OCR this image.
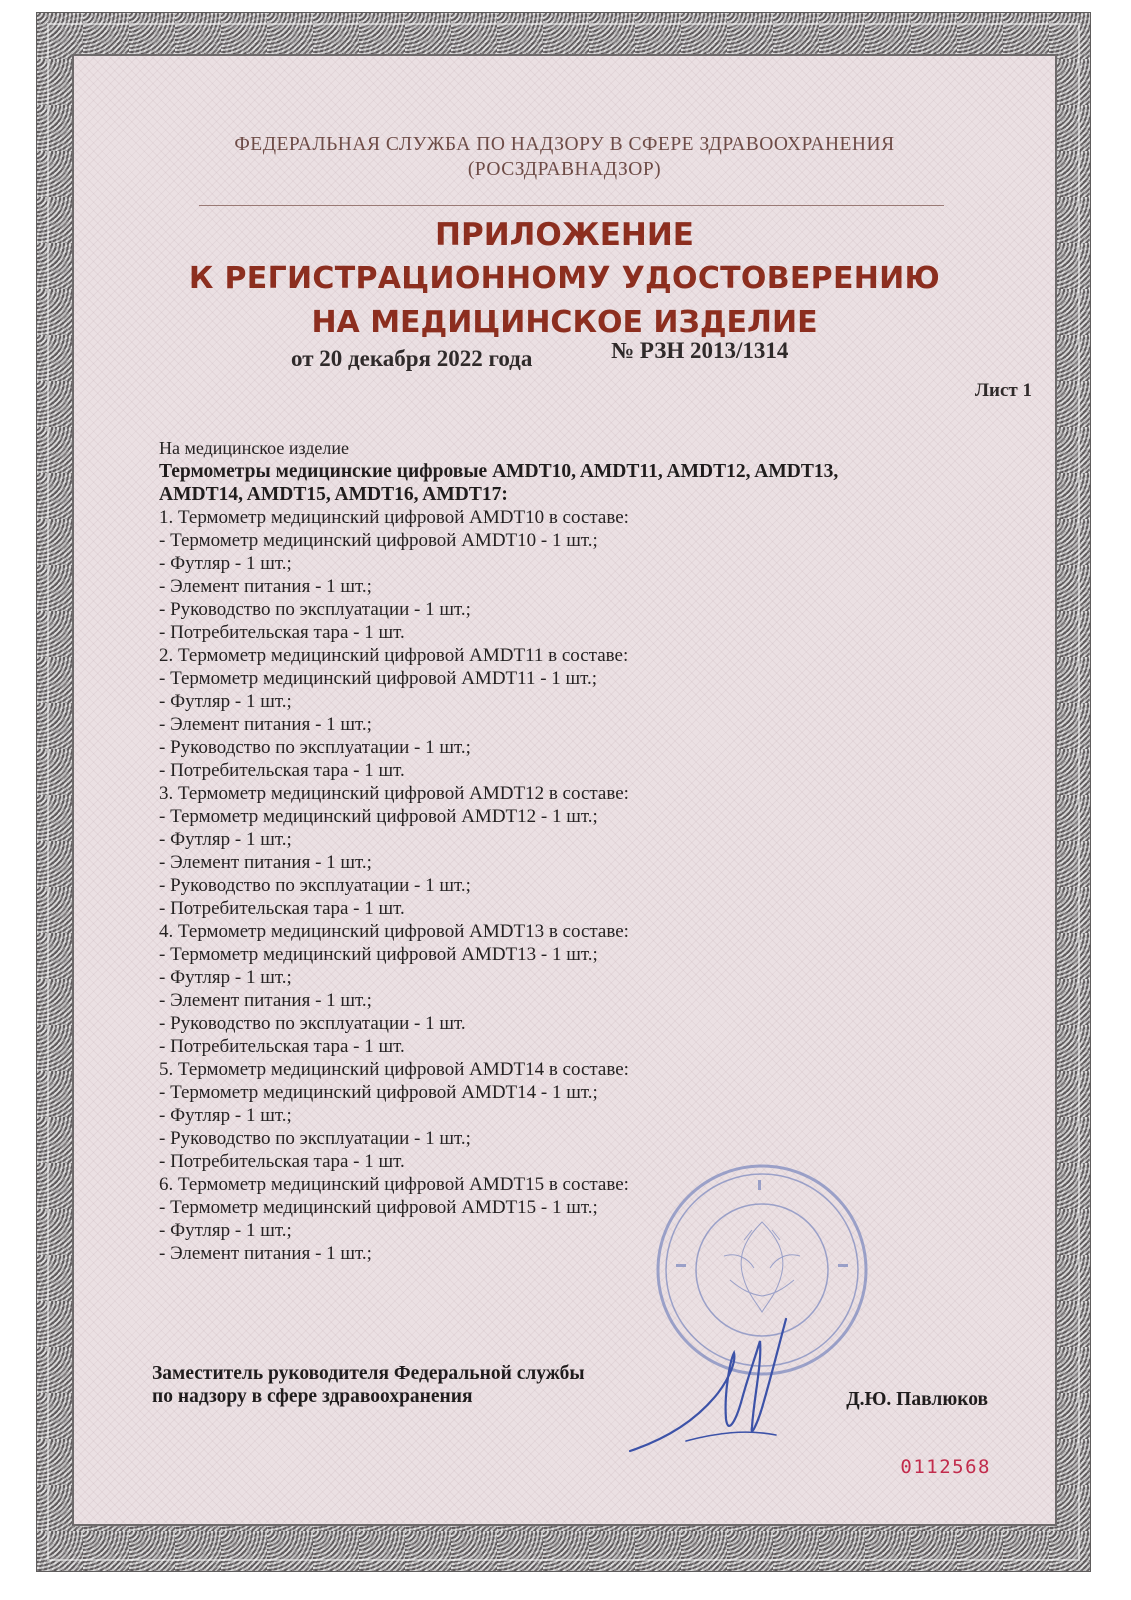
ФЕДЕРАЛЬНАЯ СЛУЖБА ПО НАДЗОРУ В СФЕРЕ ЗДРАВООХРАНЕНИЯ
(РОСЗДРАВНАДЗОР)
ПРИЛОЖЕНИЕ
К РЕГИСТРАЦИОННОМУ УДОСТОВЕРЕНИЮ
НА МЕДИЦИНСКОЕ ИЗДЕЛИЕ
от 20 декабря 2022 года	№ РЗН 2013/1314
Лист 1
На медицинское изделие
Термометры медицинские цифровые AMDT10, AMDT11, AMDT12, AMDT13,
AMDT14, AMDT15, AMDT16, AMDT17:
1. Термометр медицинский цифровой AMDT10 в составе:
- Термометр медицинский цифровой AMDT10 - 1 шт.;
- Футляр - 1 шт.;
- Элемент питания - 1 шт.;
- Руководство по эксплуатации - 1 шт.;
- Потребительская тара - 1 шт.
2. Термометр медицинский цифровой AMDT11 в составе:
- Термометр медицинский цифровой AMDT11 - 1 шт.;
- Футляр - 1 шт.;
- Элемент питания - 1 шт.;
- Руководство по эксплуатации - 1 шт.;
- Потребительская тара - 1 шт.
3. Термометр медицинский цифровой AMDT12 в составе:
- Термометр медицинский цифровой AMDT12 - 1 шт.;
- Футляр - 1 шт.;
- Элемент питания - 1 шт.;
- Руководство по эксплуатации - 1 шт.;
- Потребительская тара - 1 шт.
4. Термометр медицинский цифровой AMDT13 в составе:
- Термометр медицинский цифровой AMDT13 - 1 шт.;
- Футляр - 1 шт.;
- Элемент питания - 1 шт.;
- Руководство по эксплуатации - 1 шт.
- Потребительская тара - 1 шт.
5. Термометр медицинский цифровой AMDT14 в составе:
- Термометр медицинский цифровой AMDT14 - 1 шт.;
- Футляр - 1 шт.;
- Руководство по эксплуатации - 1 шт.;
- Потребительская тара - 1 шт.
6. Термометр медицинский цифровой AMDT15 в составе:
- Термометр медицинский цифровой AMDT15 - 1 шт.;
- Футляр - 1 шт.;
- Элемент питания - 1 шт.;
Заместитель руководителя Федеральной службы
по надзору в сфере здравоохранения	Д.Ю. Павлюков
0112568
